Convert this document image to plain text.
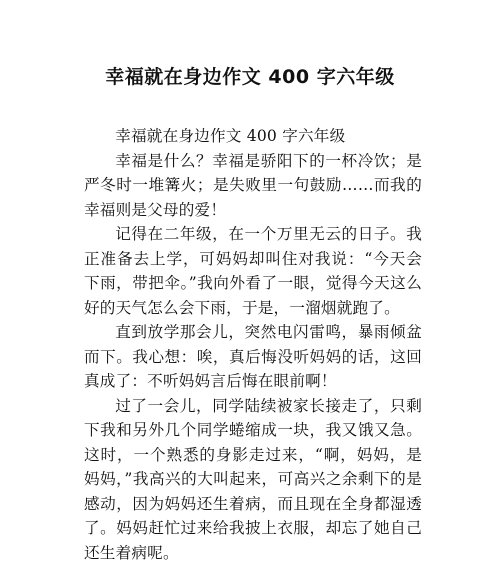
幸福就在身边作文 400 字六年级

幸福就在身边作文 400 字六年级

幸福是什么？幸福是骄阳下的一杯冷饮；是严冬时一堆篝火；是失败里一句鼓励……而我的幸福则是父母的爱！

记得在二年级，在一个万里无云的日子。我正准备去上学，可妈妈却叫住对我说：“今天会下雨，带把伞。”我向外看了一眼，觉得今天这么好的天气怎么会下雨，于是，一溜烟就跑了。

直到放学那会儿，突然电闪雷鸣，暴雨倾盆而下。我心想：唉，真后悔没听妈妈的话，这回真成了：不听妈妈言后悔在眼前啊！

过了一会儿，同学陆续被家长接走了，只剩下我和另外几个同学蜷缩成一块，我又饿又急。这时，一个熟悉的身影走过来，“啊，妈妈，是妈妈，”我高兴的大叫起来，可高兴之余剩下的是感动，因为妈妈还生着病，而且现在全身都湿透了。妈妈赶忙过来给我披上衣服，却忘了她自己还生着病呢。
